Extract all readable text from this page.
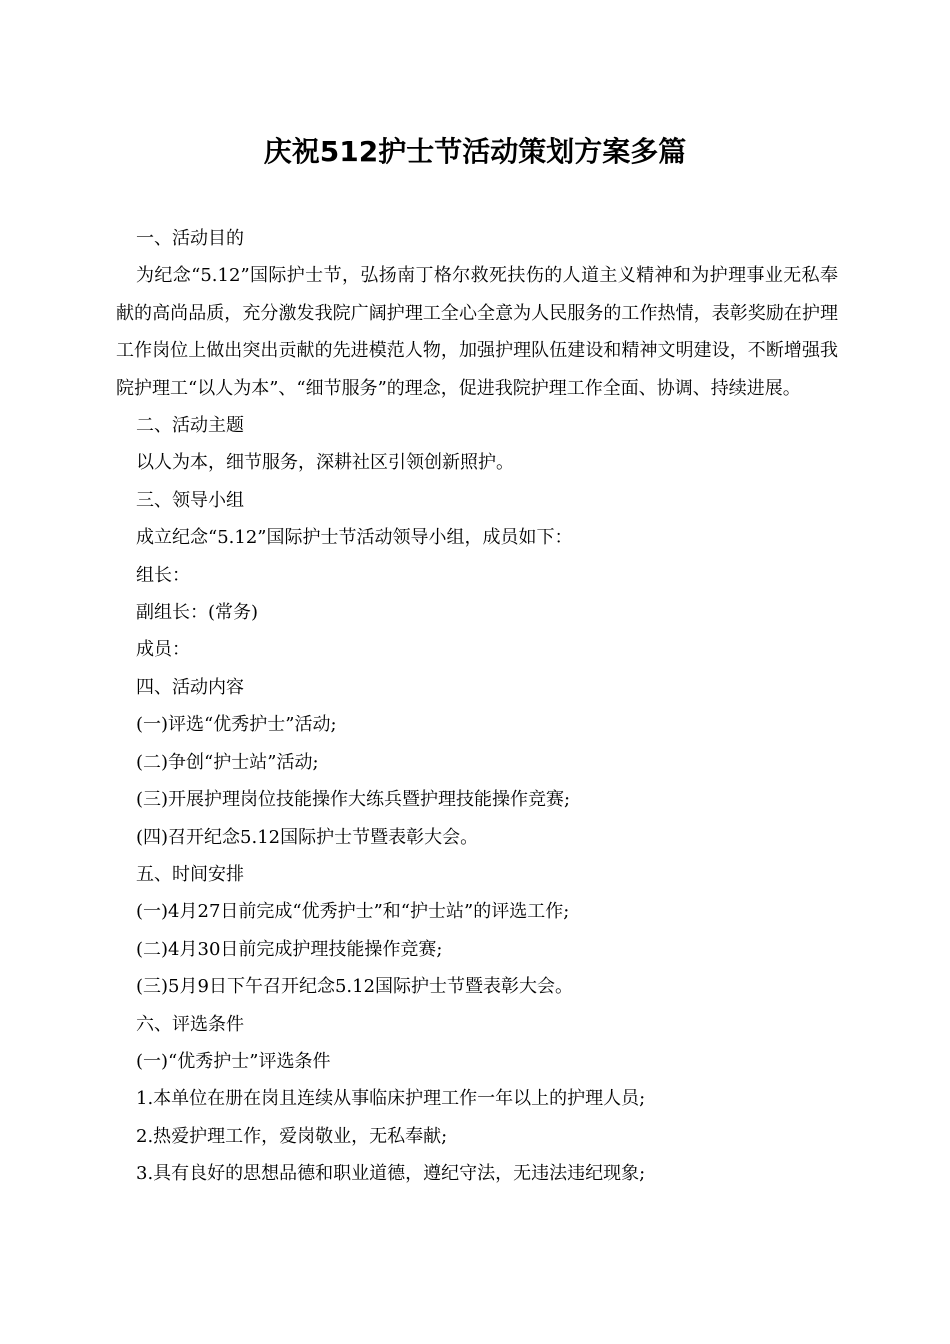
庆祝512护士节活动策划方案多篇

一、活动目的

为纪念“5.12”国际护士节，弘扬南丁格尔救死扶伤的人道主义精神和为护理事业无私奉献的高尚品质，充分激发我院广阔护理工全心全意为人民服务的工作热情，表彰奖励在护理工作岗位上做出突出贡献的先进模范人物，加强护理队伍建设和精神文明建设，不断增强我院护理工“以人为本”、“细节服务”的理念，促进我院护理工作全面、协调、持续进展。

二、活动主题

以人为本，细节服务，深耕社区引领创新照护。

三、领导小组

成立纪念“5.12”国际护士节活动领导小组，成员如下：

组长：

副组长：(常务)

成员：

四、活动内容

(一)评选“优秀护士”活动;

(二)争创“护士站”活动;

(三)开展护理岗位技能操作大练兵暨护理技能操作竞赛;

(四)召开纪念5.12国际护士节暨表彰大会。

五、时间安排

(一)4月27日前完成“优秀护士”和“护士站”的评选工作;

(二)4月30日前完成护理技能操作竞赛;

(三)5月9日下午召开纪念5.12国际护士节暨表彰大会。

六、评选条件

(一)“优秀护士”评选条件

1.本单位在册在岗且连续从事临床护理工作一年以上的护理人员;

2.热爱护理工作，爱岗敬业，无私奉献;

3.具有良好的思想品德和职业道德，遵纪守法，无违法违纪现象;
